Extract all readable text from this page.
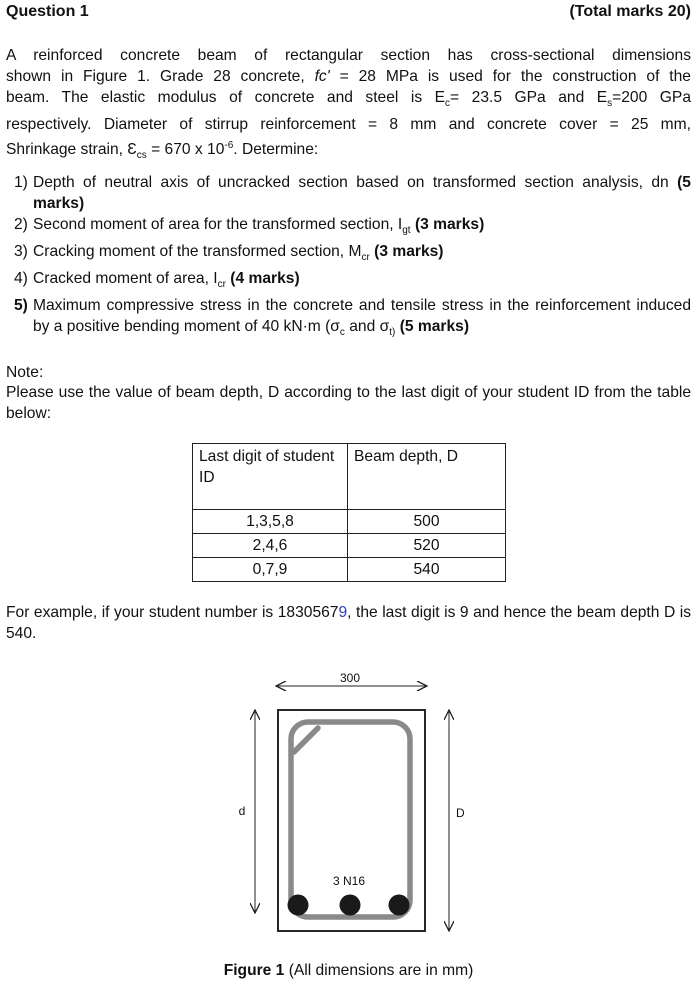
Question 1	(Total marks 20)
A reinforced concrete beam of rectangular section has cross-sectional dimensions
shown in Figure 1. Grade 28 concrete, fc' = 28 MPa is used for the construction of the
beam. The elastic modulus of concrete and steel is $E_c= 23.5$ GPa and $E_s=200$ GPa
respectively. Diameter of stirrup reinforcement = 8 mm and concrete cover = 25 mm,
Shrinkage strain, $Ɛ_{cs} = 670$ x $10^{-6}$. Determine:
1) Depth of neutral axis of uncracked section based on transformed section analysis, dn (5 marks)
2) Second moment of area for the transformed section, $I_{gt}$ (3 marks)
3) Cracking moment of the transformed section, $M_{cr}$ (3 marks)
4) Cracked moment of area, $I_{cr}$ (4 marks)
5) Maximum compressive stress in the concrete and tensile stress in the reinforcement induced by a positive bending moment of 40 kN·m ($\sigma_c$ and $\sigma_{t)}$ (5 marks)
Note:
Please use the value of beam depth, D according to the last digit of your student ID from the table below:
Last digit of student ID	Beam depth, D
1,3,5,8	500
2,4,6	520
0,7,9	540
For example, if your student number is 18305679, the last digit is 9 and hence the beam depth D is 540.
300
3 N16
d	D
Figure 1 (All dimensions are in mm)
